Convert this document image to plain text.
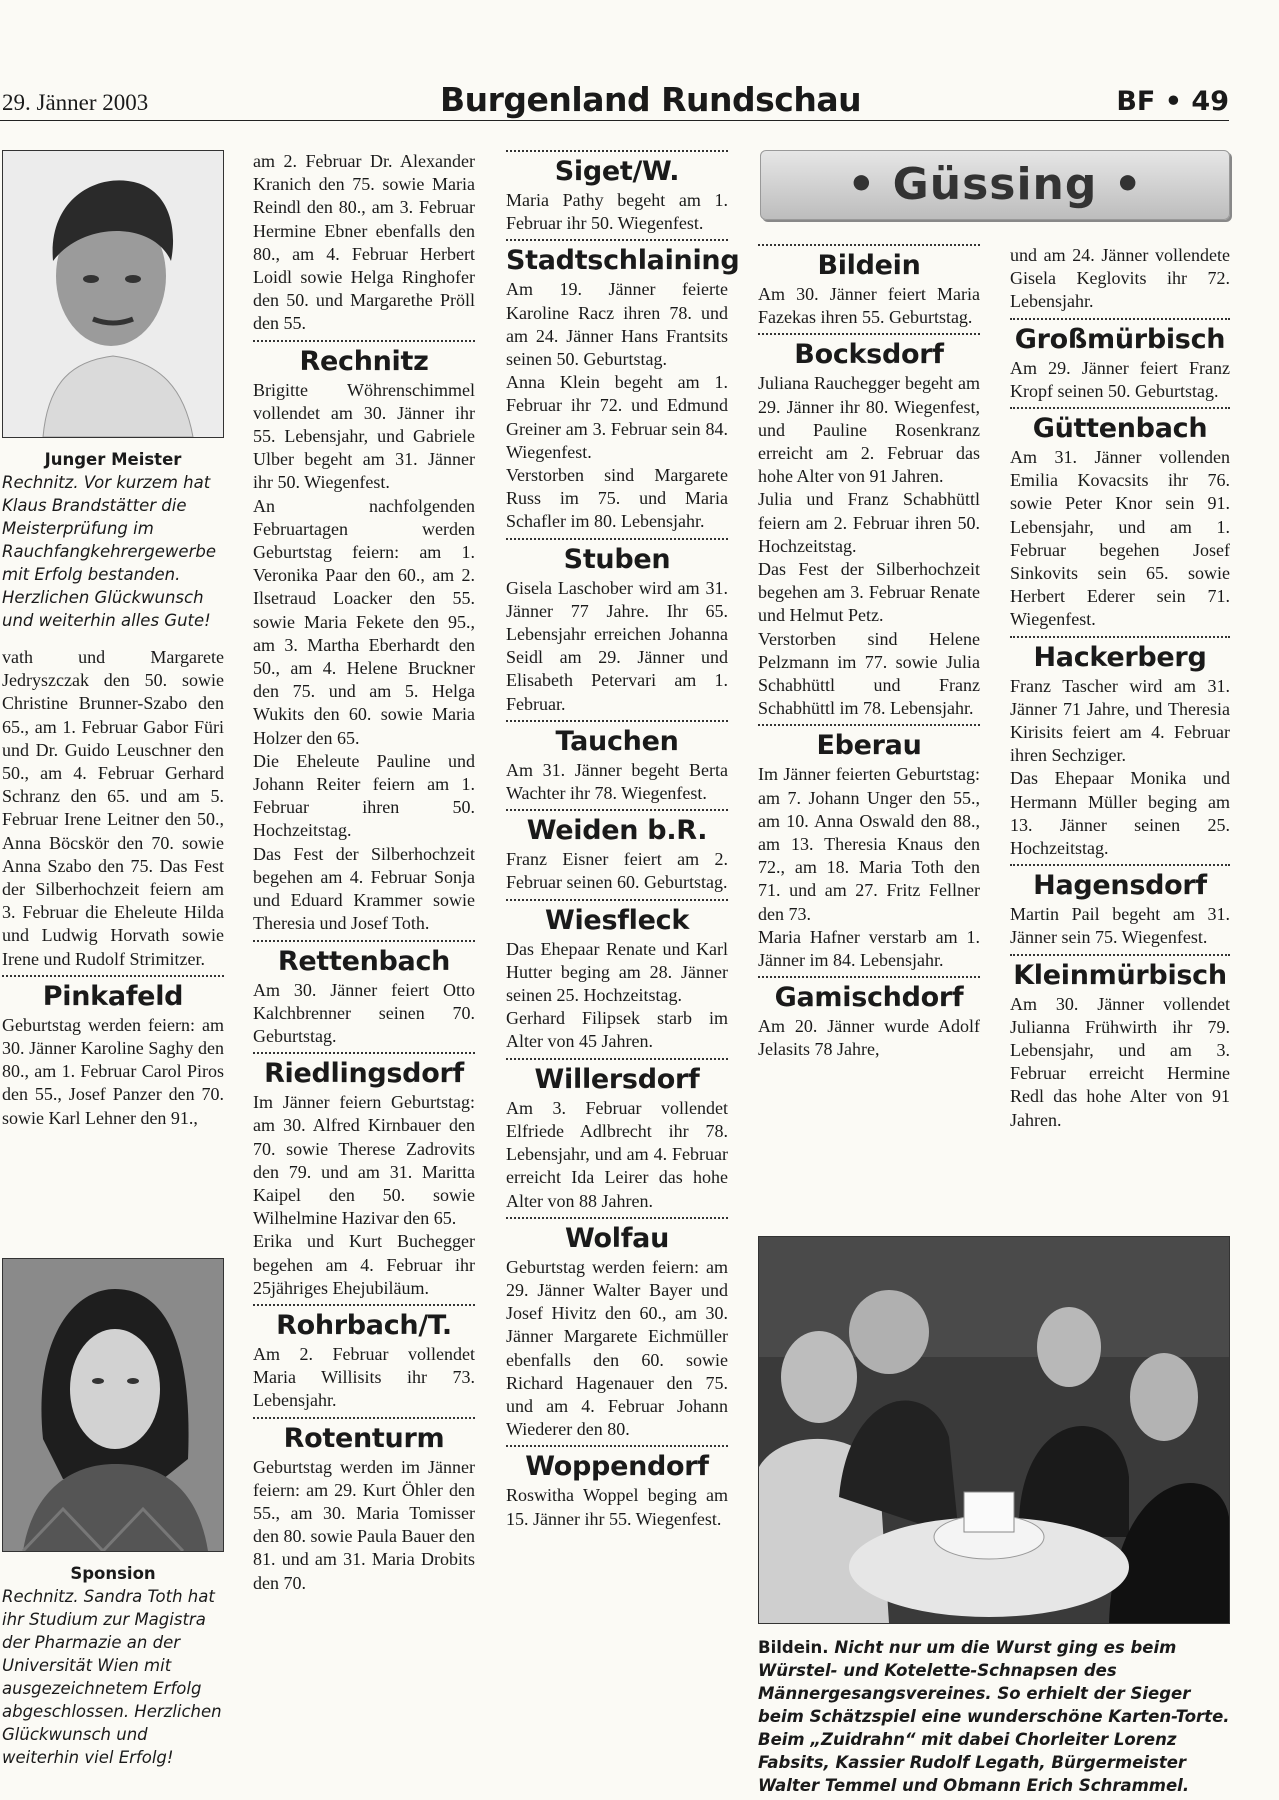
29. Jänner 2003	Burgenland Rundschau	BF • 49
Junger Meister
Rechnitz. Vor kurzem hat Klaus Brandstätter die Meisterprüfung im Rauchfangkehrergewerbe mit Erfolg bestanden. Herzlichen Glückwunsch und weiterhin alles Gute!

vath und Margarete Jedryszczak den 50. sowie Christine Brunner-Szabo den 65., am 1. Februar Gabor Füri und Dr. Guido Leuschner den 50., am 4. Februar Gerhard Schranz den 65. und am 5. Februar Irene Leitner den 50., Anna Böcskör den 70. sowie Anna Szabo den 75. Das Fest der Silberhochzeit feiern am 3. Februar die Eheleute Hilda und Ludwig Horvath sowie Irene und Rudolf Strimitzer.

Pinkafeld

Geburtstag werden feiern: am 30. Jänner Karoline Saghy den 80., am 1. Februar Carol Piros den 55., Josef Panzer den 70. sowie Karl Lehner den 91.,

Sponsion
Rechnitz. Sandra Toth hat ihr Studium zur Magistra der Pharmazie an der Universität Wien mit ausgezeichnetem Erfolg abgeschlossen. Herzlichen Glückwunsch und weiterhin viel Erfolg!

am 2. Februar Dr. Alexander Kranich den 75. sowie Maria Reindl den 80., am 3. Februar Hermine Ebner ebenfalls den 80., am 4. Februar Herbert Loidl sowie Helga Ringhofer den 50. und Margarethe Pröll den 55.

Rechnitz

Brigitte Wöhrenschimmel vollendet am 30. Jänner ihr 55. Lebensjahr, und Gabriele Ulber begeht am 31. Jänner ihr 50. Wiegenfest.

An nachfolgenden Februartagen werden Geburtstag feiern: am 1. Veronika Paar den 60., am 2. Ilsetraud Loacker den 55. sowie Maria Fekete den 95., am 3. Martha Eberhardt den 50., am 4. Helene Bruckner den 75. und am 5. Helga Wukits den 60. sowie Maria Holzer den 65.

Die Eheleute Pauline und Johann Reiter feiern am 1. Februar ihren 50. Hochzeitstag.

Das Fest der Silberhochzeit begehen am 4. Februar Sonja und Eduard Krammer sowie Theresia und Josef Toth.

Rettenbach

Am 30. Jänner feiert Otto Kalchbrenner seinen 70. Geburtstag.

Riedlingsdorf

Im Jänner feiern Geburtstag: am 30. Alfred Kirnbauer den 70. sowie Therese Zadrovits den 79. und am 31. Maritta Kaipel den 50. sowie Wilhelmine Hazivar den 65.

Erika und Kurt Buchegger begehen am 4. Februar ihr 25jähriges Ehejubiläum.

Rohrbach/T.

Am 2. Februar vollendet Maria Willisits ihr 73. Lebensjahr.

Rotenturm

Geburtstag werden im Jänner feiern: am 29. Kurt Öhler den 55., am 30. Maria Tomisser den 80. sowie Paula Bauer den 81. und am 31. Maria Drobits den 70.

Siget/W.

Maria Pathy begeht am 1. Februar ihr 50. Wiegenfest.

Stadtschlaining

Am 19. Jänner feierte Karoline Racz ihren 78. und am 24. Jänner Hans Frantsits seinen 50. Geburtstag.

Anna Klein begeht am 1. Februar ihr 72. und Edmund Greiner am 3. Februar sein 84. Wiegenfest.

Verstorben sind Margarete Russ im 75. und Maria Schafler im 80. Lebensjahr.

Stuben

Gisela Laschober wird am 31. Jänner 77 Jahre. Ihr 65. Lebensjahr erreichen Johanna Seidl am 29. Jänner und Elisabeth Petervari am 1. Februar.

Tauchen

Am 31. Jänner begeht Berta Wachter ihr 78. Wiegenfest.

Weiden b.R.

Franz Eisner feiert am 2. Februar seinen 60. Geburtstag.

Wiesfleck

Das Ehepaar Renate und Karl Hutter beging am 28. Jänner seinen 25. Hochzeitstag.

Gerhard Filipsek starb im Alter von 45 Jahren.

Willersdorf

Am 3. Februar vollendet Elfriede Adlbrecht ihr 78. Lebensjahr, und am 4. Februar erreicht Ida Leirer das hohe Alter von 88 Jahren.

Wolfau

Geburtstag werden feiern: am 29. Jänner Walter Bayer und Josef Hivitz den 60., am 30. Jänner Margarete Eichmüller ebenfalls den 60. sowie Richard Hagenauer den 75. und am 4. Februar Johann Wiederer den 80.

Woppendorf

Roswitha Woppel beging am 15. Jänner ihr 55. Wiegenfest.

• Güssing •
Bildein

Am 30. Jänner feiert Maria Fazekas ihren 55. Geburtstag.

Bocksdorf

Juliana Rauchegger begeht am 29. Jänner ihr 80. Wiegenfest, und Pauline Rosenkranz erreicht am 2. Februar das hohe Alter von 91 Jahren.

Julia und Franz Schabhüttl feiern am 2. Februar ihren 50. Hochzeitstag.

Das Fest der Silberhochzeit begehen am 3. Februar Renate und Helmut Petz.

Verstorben sind Helene Pelzmann im 77. sowie Julia Schabhüttl und Franz Schabhüttl im 78. Lebensjahr.

Eberau

Im Jänner feierten Geburtstag: am 7. Johann Unger den 55., am 10. Anna Oswald den 88., am 13. Theresia Knaus den 72., am 18. Maria Toth den 71. und am 27. Fritz Fellner den 73.

Maria Hafner verstarb am 1. Jänner im 84. Lebensjahr.

Gamischdorf

Am 20. Jänner wurde Adolf Jelasits 78 Jahre,

und am 24. Jänner vollendete Gisela Keglovits ihr 72. Lebensjahr.

Großmürbisch

Am 29. Jänner feiert Franz Kropf seinen 50. Geburtstag.

Güttenbach

Am 31. Jänner vollenden Emilia Kovacsits ihr 76. sowie Peter Knor sein 91. Lebensjahr, und am 1. Februar begehen Josef Sinkovits sein 65. sowie Herbert Ederer sein 71. Wiegenfest.

Hackerberg

Franz Tascher wird am 31. Jänner 71 Jahre, und Theresia Kirisits feiert am 4. Februar ihren Sechziger.

Das Ehepaar Monika und Hermann Müller beging am 13. Jänner seinen 25. Hochzeitstag.

Hagensdorf

Martin Pail begeht am 31. Jänner sein 75. Wiegenfest.

Kleinmürbisch

Am 30. Jänner vollendet Julianna Frühwirth ihr 79. Lebensjahr, und am 3. Februar erreicht Hermine Redl das hohe Alter von 91 Jahren.

Bildein. Nicht nur um die Wurst ging es beim Würstel- und Kotelette-Schnapsen des Männergesangsvereines. So erhielt der Sieger beim Schätzspiel eine wunderschöne Karten-Torte. Beim „Zuidrahn“ mit dabei Chorleiter Lorenz Fabsits, Kassier Rudolf Legath, Bürgermeister Walter Temmel und Obmann Erich Schrammel.
